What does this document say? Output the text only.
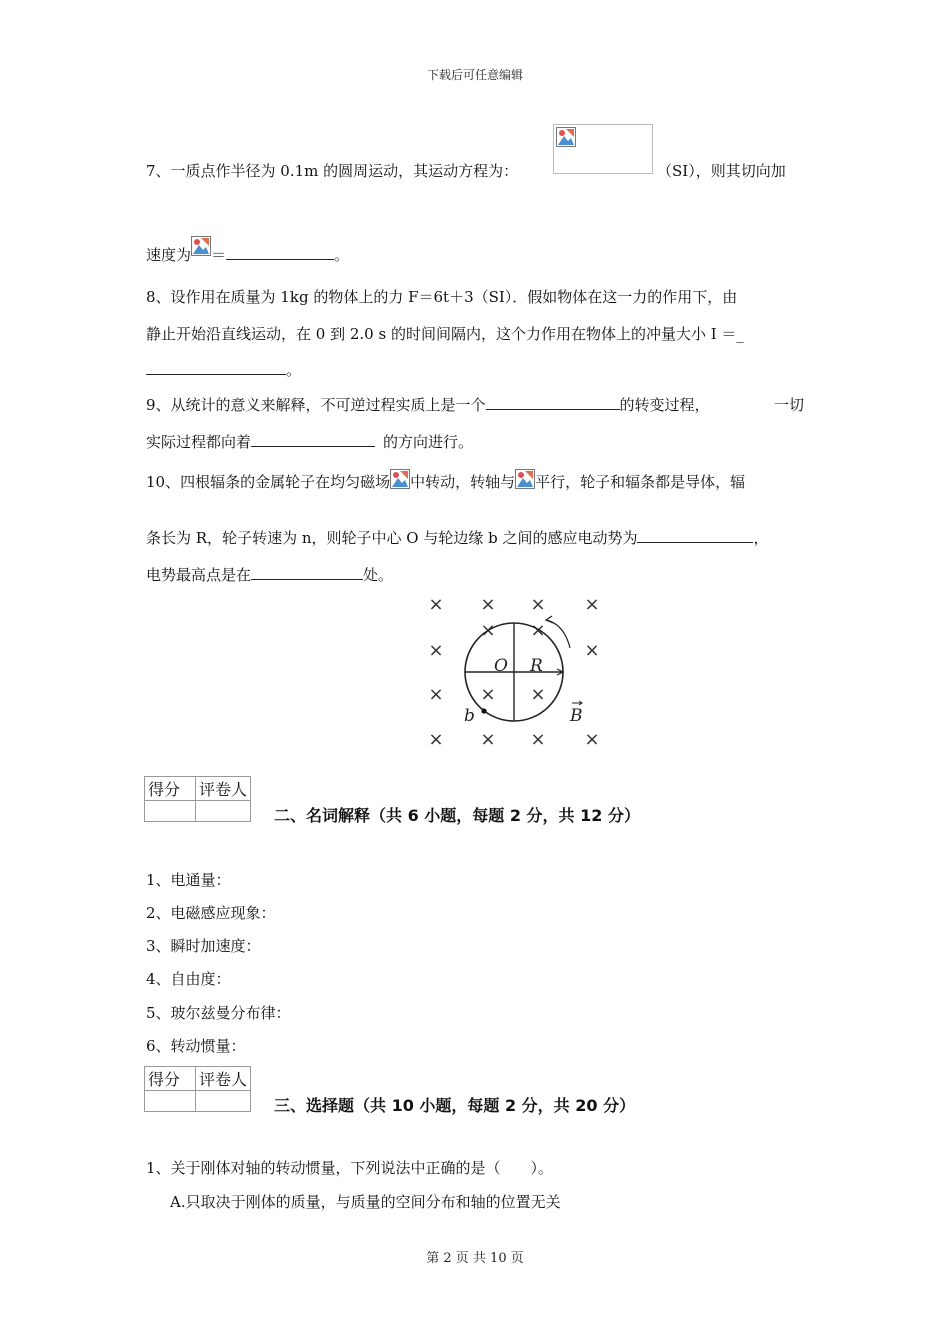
下载后可任意编辑
7、一质点作半径为 0.1m 的圆周运动，其运动方程为：	（SI），则其切向加
速度为 ＝	。
8、设作用在质量为 1kg 的物体上的力 F＝6t＋3（SI）．假如物体在这一力的作用下，由
静止开始沿直线运动，在 0 到 2.0 s 的时间间隔内，这个力作用在物体上的冲量大小 I ＝_
。
9、从统计的意义来解释，不可逆过程实质上是一个	的转变过程，	一切
实际过程都向着	的方向进行。
10、四根辐条的金属轮子在均匀磁场 中转动，转轴与 平行，轮子和辐条都是导体，辐
条长为 R，轮子转速为 n，则轮子中心 O 与轮边缘 b 之间的感应电动势为	，
电势最高点是在	处。
× × × ×
×
× ×
×
× × ×
× × × ×
O R
b	B
得分	评卷人

二、名词解释（共 6 小题，每题 2 分，共 12 分）
1、电通量：
2、电磁感应现象：
3、瞬时加速度：
4、自由度：
5、玻尔兹曼分布律：
6、转动惯量：
得分	评卷人

三、选择题（共 10 小题，每题 2 分，共 20 分）
1、关于刚体对轴的转动惯量，下列说法中正确的是（　　）。
A.只取决于刚体的质量，与质量的空间分布和轴的位置无关
第 2 页 共 10 页
